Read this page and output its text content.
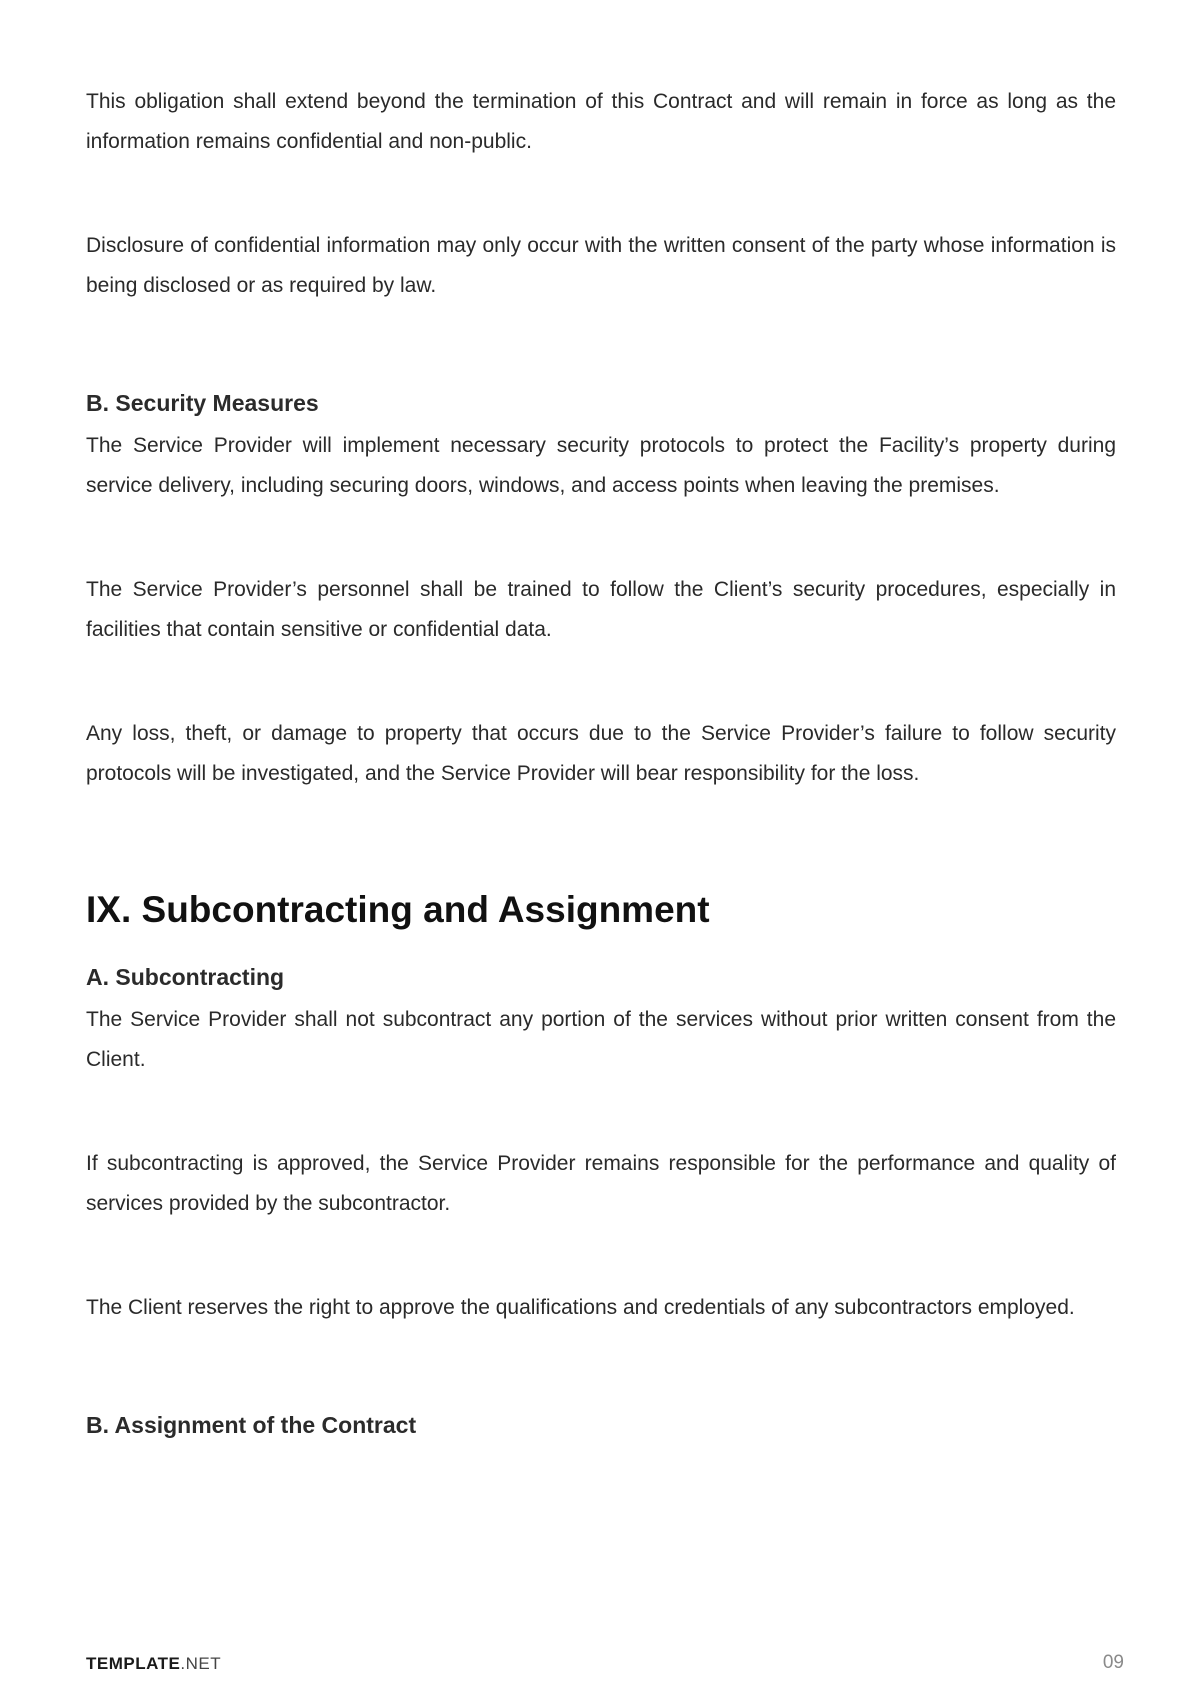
This obligation shall extend beyond the termination of this Contract and will remain in force as long as the information remains confidential and non-public.

Disclosure of confidential information may only occur with the written consent of the party whose information is being disclosed or as required by law.

B. Security Measures

The Service Provider will implement necessary security protocols to protect the Facility’s property during service delivery, including securing doors, windows, and access points when leaving the premises.

The Service Provider’s personnel shall be trained to follow the Client’s security procedures, especially in facilities that contain sensitive or confidential data.

Any loss, theft, or damage to property that occurs due to the Service Provider’s failure to follow security protocols will be investigated, and the Service Provider will bear responsibility for the loss.

IX. Subcontracting and Assignment
A. Subcontracting

The Service Provider shall not subcontract any portion of the services without prior written consent from the Client.

If subcontracting is approved, the Service Provider remains responsible for the performance and quality of services provided by the subcontractor.

The Client reserves the right to approve the qualifications and credentials of any subcontractors employed.

B. Assignment of the Contract
TEMPLATE.NET	09
